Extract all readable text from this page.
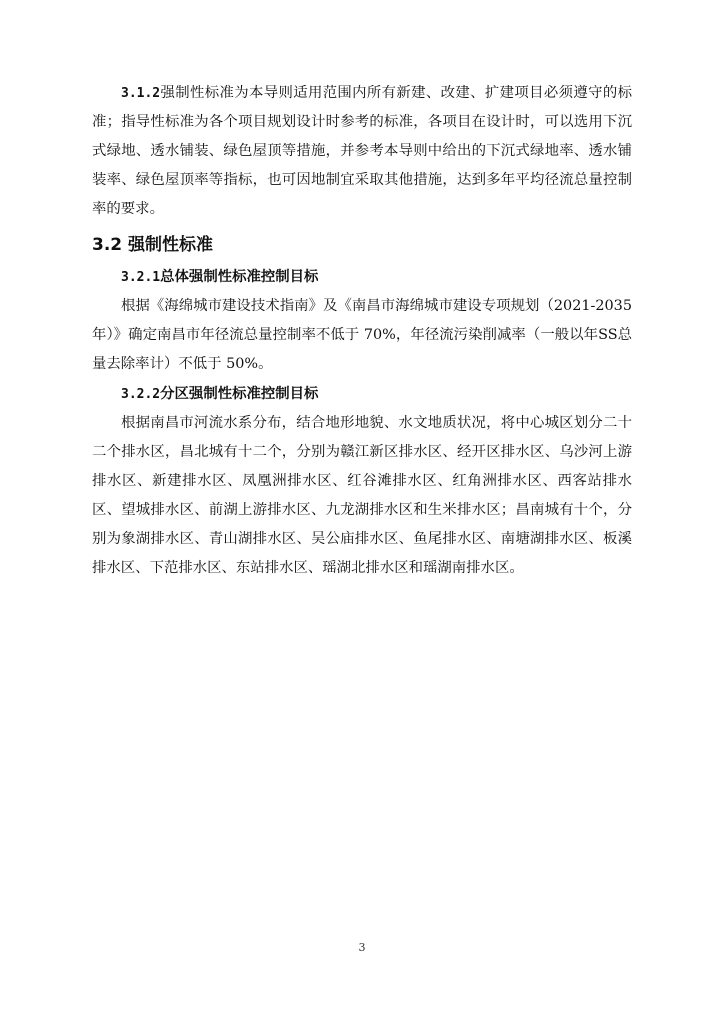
3.1.2强制性标准为本导则适用范围内所有新建、改建、扩建项目必须遵守的标准；指导性标准为各个项目规划设计时参考的标准，各项目在设计时，可以选用下沉式绿地、透水铺装、绿色屋顶等措施，并参考本导则中给出的下沉式绿地率、透水铺装率、绿色屋顶率等指标，也可因地制宜采取其他措施，达到多年平均径流总量控制率的要求。

3.2 强制性标准

3.2.1总体强制性标准控制目标

根据《海绵城市建设技术指南》及《南昌市海绵城市建设专项规划（2021-2035年）》确定南昌市年径流总量控制率不低于 70%，年径流污染削减率（一般以年SS总量去除率计）不低于 50%。

3.2.2分区强制性标准控制目标

根据南昌市河流水系分布，结合地形地貌、水文地质状况，将中心城区划分二十二个排水区，昌北城有十二个，分别为赣江新区排水区、经开区排水区、乌沙河上游排水区、新建排水区、凤凰洲排水区、红谷滩排水区、红角洲排水区、西客站排水区、望城排水区、前湖上游排水区、九龙湖排水区和生米排水区；昌南城有十个，分别为象湖排水区、青山湖排水区、吴公庙排水区、鱼尾排水区、南塘湖排水区、板溪排水区、下范排水区、东站排水区、瑶湖北排水区和瑶湖南排水区。

3
